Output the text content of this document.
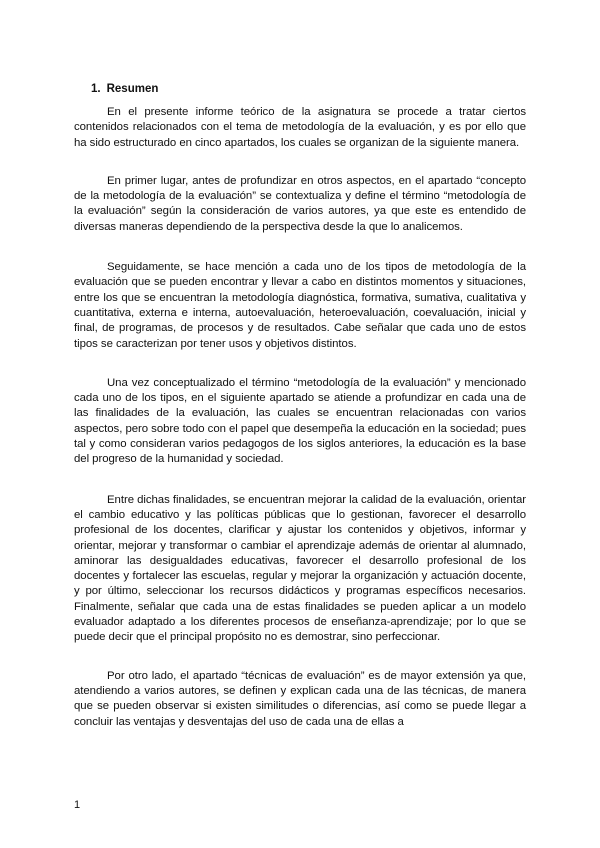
1. Resumen

En el presente informe teórico de la asignatura se procede a tratar ciertos contenidos relacionados con el tema de metodología de la evaluación, y es por ello que ha sido estructurado en cinco apartados, los cuales se organizan de la siguiente manera.

En primer lugar, antes de profundizar en otros aspectos, en el apartado “concepto de la metodología de la evaluación” se contextualiza y define el término “metodología de la evaluación” según la consideración de varios autores, ya que este es entendido de diversas maneras dependiendo de la perspectiva desde la que lo analicemos.

Seguidamente, se hace mención a cada uno de los tipos de metodología de la evaluación que se pueden encontrar y llevar a cabo en distintos momentos y situaciones, entre los que se encuentran la metodología diagnóstica, formativa, sumativa, cualitativa y cuantitativa, externa e interna, autoevaluación, heteroevaluación, coevaluación, inicial y final, de programas, de procesos y de resultados. Cabe señalar que cada uno de estos tipos se caracterizan por tener usos y objetivos distintos.

Una vez conceptualizado el término “metodología de la evaluación” y mencionado cada uno de los tipos, en el siguiente apartado se atiende a profundizar en cada una de las finalidades de la evaluación, las cuales se encuentran relacionadas con varios aspectos, pero sobre todo con el papel que desempeña la educación en la sociedad; pues tal y como consideran varios pedagogos de los siglos anteriores, la educación es la base del progreso de la humanidad y sociedad.

Entre dichas finalidades, se encuentran mejorar la calidad de la evaluación, orientar el cambio educativo y las políticas públicas que lo gestionan, favorecer el desarrollo profesional de los docentes, clarificar y ajustar los contenidos y objetivos, informar y orientar, mejorar y transformar o cambiar el aprendizaje además de orientar al alumnado, aminorar las desigualdades educativas, favorecer el desarrollo profesional de los docentes y fortalecer las escuelas, regular y mejorar la organización y actuación docente, y por último, seleccionar los recursos didácticos y programas específicos necesarios. Finalmente, señalar que cada una de estas finalidades se pueden aplicar a un modelo evaluador adaptado a los diferentes procesos de enseñanza-aprendizaje; por lo que se puede decir que el principal propósito no es demostrar, sino perfeccionar.

Por otro lado, el apartado “técnicas de evaluación” es de mayor extensión ya que, atendiendo a varios autores, se definen y explican cada una de las técnicas, de manera que se pueden observar si existen similitudes o diferencias, así como se puede llegar a concluir las ventajas y desventajas del uso de cada una de ellas a

1
